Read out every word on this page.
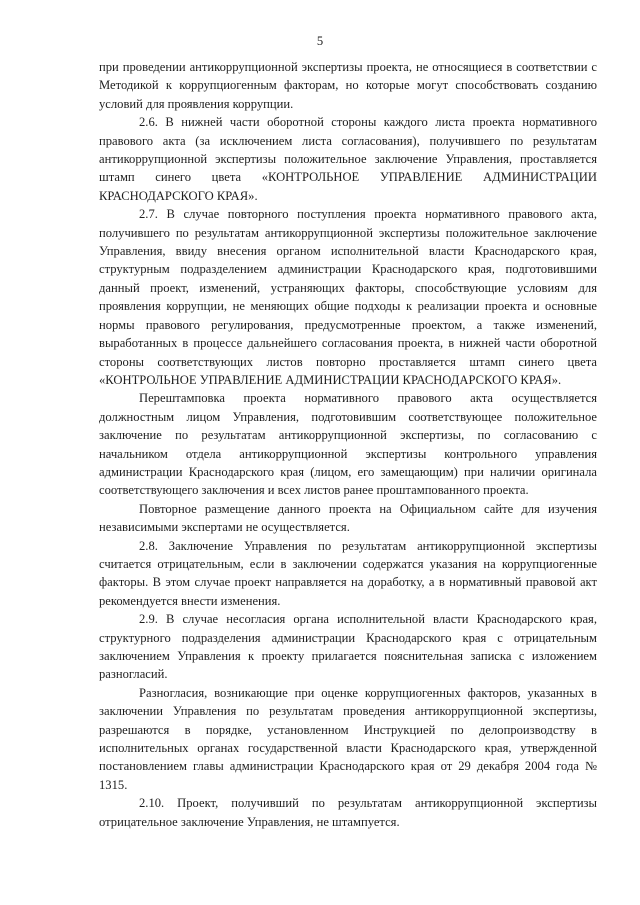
5

при проведении антикоррупционной экспертизы проекта, не относящиеся в соответствии с Методикой к коррупциогенным факторам, но которые могут способствовать созданию условий для проявления коррупции.

2.6. В нижней части оборотной стороны каждого листа проекта нормативного правового акта (за исключением листа согласования), получившего по результатам антикоррупционной экспертизы положительное заключение Управления, проставляется штамп синего цвета «КОНТРОЛЬНОЕ УПРАВЛЕНИЕ АДМИНИСТРАЦИИ КРАСНОДАРСКОГО КРАЯ».

2.7. В случае повторного поступления проекта нормативного правового акта, получившего по результатам антикоррупционной экспертизы положительное заключение Управления, ввиду внесения органом исполнительной власти Краснодарского края, структурным подразделением администрации Краснодарского края, подготовившими данный проект, изменений, устраняющих факторы, способствующие условиям для проявления коррупции, не меняющих общие подходы к реализации проекта и основные нормы правового регулирования, предусмотренные проектом, а также изменений, выработанных в процессе дальнейшего согласования проекта, в нижней части оборотной стороны соответствующих листов повторно проставляется штамп синего цвета «КОНТРОЛЬНОЕ УПРАВЛЕНИЕ АДМИНИСТРАЦИИ КРАСНОДАРСКОГО КРАЯ».

Перештамповка проекта нормативного правового акта осуществляется должностным лицом Управления, подготовившим соответствующее положительное заключение по результатам антикоррупционной экспертизы, по согласованию с начальником отдела антикоррупционной экспертизы контрольного управления администрации Краснодарского края (лицом, его замещающим) при наличии оригинала соответствующего заключения и всех листов ранее проштампованного проекта.

Повторное размещение данного проекта на Официальном сайте для изучения независимыми экспертами не осуществляется.

2.8. Заключение Управления по результатам антикоррупционной экспертизы считается отрицательным, если в заключении содержатся указания на коррупциогенные факторы. В этом случае проект направляется на доработку, а в нормативный правовой акт рекомендуется внести изменения.

2.9. В случае несогласия органа исполнительной власти Краснодарского края, структурного подразделения администрации Краснодарского края с отрицательным заключением Управления к проекту прилагается пояснительная записка с изложением разногласий.

Разногласия, возникающие при оценке коррупциогенных факторов, указанных в заключении Управления по результатам проведения антикоррупционной экспертизы, разрешаются в порядке, установленном Инструкцией по делопроизводству в исполнительных органах государственной власти Краснодарского края, утвержденной постановлением главы администрации Краснодарского края от 29 декабря 2004 года № 1315.

2.10. Проект, получивший по результатам антикоррупционной экспертизы отрицательное заключение Управления, не штампуется.
